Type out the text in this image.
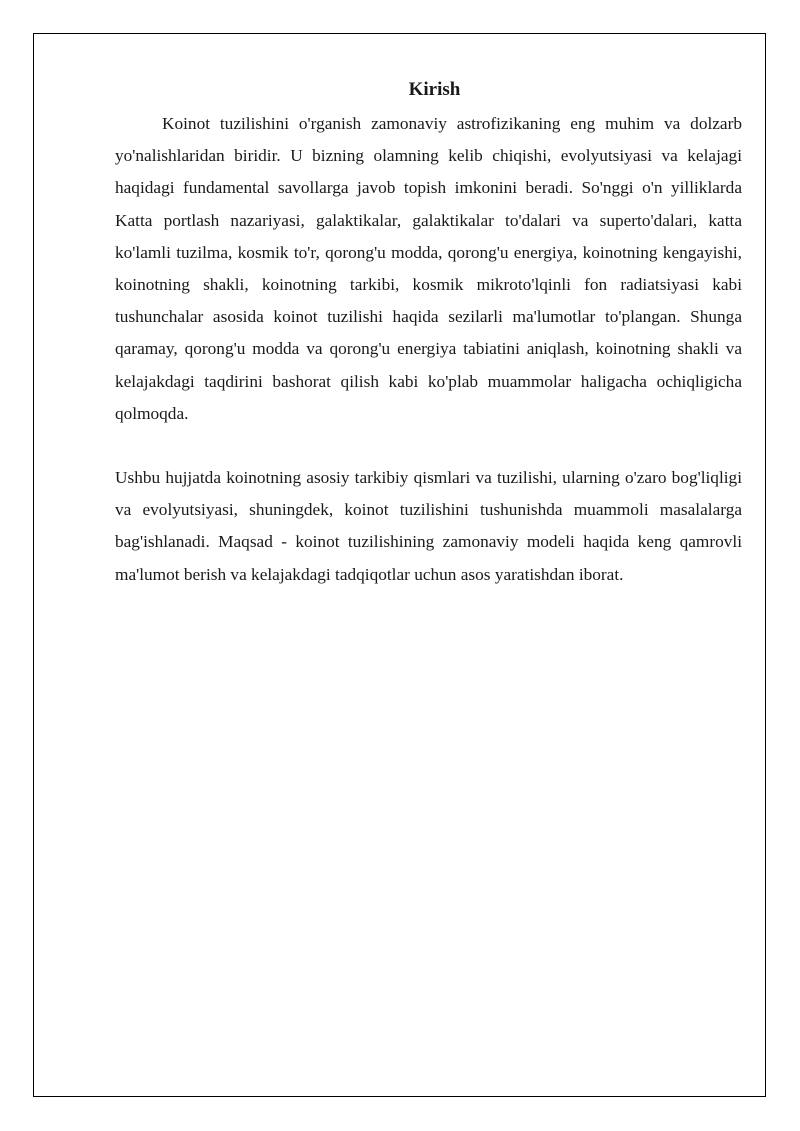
Kirish

Koinot tuzilishini o'rganish zamonaviy astrofizikaning eng muhim va dolzarb yo'nalishlaridan biridir. U bizning olamning kelib chiqishi, evolyutsiyasi va kelajagi haqidagi fundamental savollarga javob topish imkonini beradi. So'nggi o'n yilliklarda Katta portlash nazariyasi, galaktikalar, galaktikalar to'dalari va superto'dalari, katta ko'lamli tuzilma, kosmik to'r, qorong'u modda, qorong'u energiya, koinotning kengayishi, koinotning shakli, koinotning tarkibi, kosmik mikroto'lqinli fon radiatsiyasi kabi tushunchalar asosida koinot tuzilishi haqida sezilarli ma'lumotlar to'plangan. Shunga qaramay, qorong'u modda va qorong'u energiya tabiatini aniqlash, koinotning shakli va kelajakdagi taqdirini bashorat qilish kabi ko'plab muammolar haligacha ochiqligicha qolmoqda.

Ushbu hujjatda koinotning asosiy tarkibiy qismlari va tuzilishi, ularning o'zaro bog'liqligi va evolyutsiyasi, shuningdek, koinot tuzilishini tushunishda muammoli masalalarga bag'ishlanadi. Maqsad - koinot tuzilishining zamonaviy modeli haqida keng qamrovli ma'lumot berish va kelajakdagi tadqiqotlar uchun asos yaratishdan iborat.
